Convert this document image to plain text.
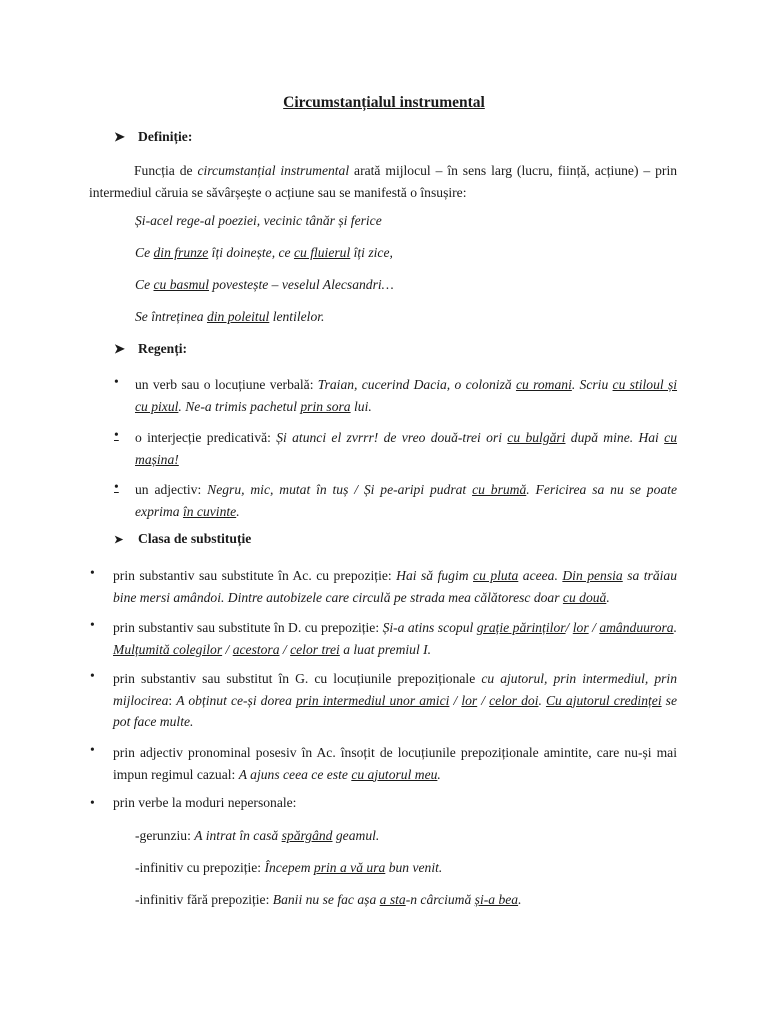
Circumstanțialul instrumental

➤ Definiție:

Funcția de circumstanțial instrumental arată mijlocul – în sens larg (lucru, ființă, acțiune) – prin intermediul căruia se săvârșește o acțiune sau se manifestă o însușire:

Și-acel rege-al poeziei, vecinic tânăr și ferice

Ce din frunze îți doinește, ce cu fluierul îți zice,

Ce cu basmul povestește – veselul Alecsandri…

Se întreținea din poleitul lentilelor.

➤ Regenți:

•	un verb sau o locuțiune verbală: Traian, cucerind Dacia, o coloniză cu romani. Scriu cu stiloul și cu pixul. Ne-a trimis pachetul prin sora lui.

•	o interjecție predicativă: Și atunci el zvrrr! de vreo două-trei ori cu bulgări după mine. Hai cu mașina!

•	un adjectiv: Negru, mic, mutat în tuș / Și pe-aripi pudrat cu brumă. Fericirea sa nu se poate exprima în cuvinte.

➤ Clasa de substituție

•	prin substantiv sau substitute în Ac. cu prepoziție: Hai să fugim cu pluta aceea. Din pensia sa trăiau bine mersi amândoi. Dintre autobizele care circulă pe strada mea călătoresc doar cu două.

•	prin substantiv sau substitute în D. cu prepoziție: Și-a atins scopul grație părinților/ lor / amânduurora. Mulțumită colegilor / acestora / celor trei a luat premiul I.

•	prin substantiv sau substitut în G. cu locuțiunile prepoziționale cu ajutorul, prin intermediul, prin mijlocirea: A obținut ce-și dorea prin intermediul unor amici / lor / celor doi. Cu ajutorul credinței se pot face multe.

•	prin adjectiv pronominal posesiv în Ac. însoțit de locuțiunile prepoziționale amintite, care nu-și mai impun regimul cazual: A ajuns ceea ce este cu ajutorul meu.

•	prin verbe la moduri nepersonale:

-gerunziu: A intrat în casă spărgând geamul.

-infinitiv cu prepoziție: Începem prin a vă ura bun venit.

-infinitiv fără prepoziție: Banii nu se fac așa a sta-n cârciumă și-a bea.
